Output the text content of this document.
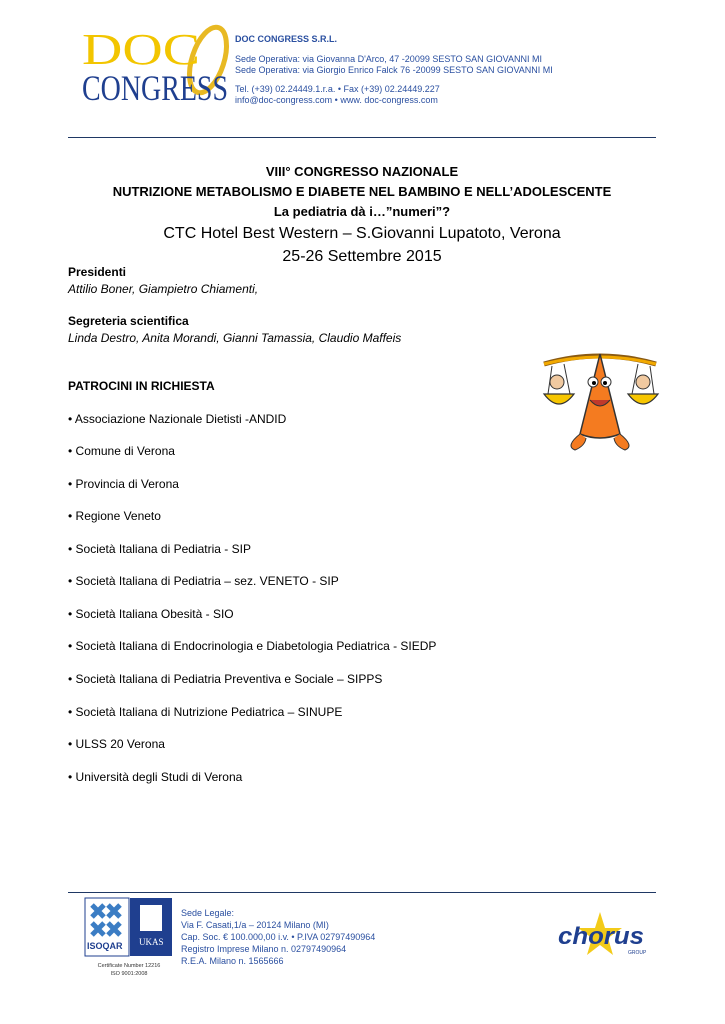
DOC
CONGRESS
DOC CONGRESS S.R.L.
Sede Operativa: via Giovanna D'Arco, 47 -20099 SESTO SAN GIOVANNI MI
Sede Operativa: via Giorgio Enrico Falck 76 -20099 SESTO SAN GIOVANNI MI
Tel. (+39) 02.24449.1.r.a. • Fax (+39) 02.24449.227
info@doc-congress.com • www. doc-congress.com
VIII° CONGRESSO NAZIONALE
NUTRIZIONE METABOLISMO E DIABETE NEL BAMBINO E NELL’ADOLESCENTE
La pediatria dà i…”numeri”?
CTC Hotel Best Western – S.Giovanni Lupatoto, Verona
25-26 Settembre 2015
Presidenti
Attilio Boner, Giampietro Chiamenti,
Segreteria scientifica
Linda Destro, Anita Morandi, Gianni Tamassia, Claudio Maffeis
PATROCINI IN RICHIESTA
• Associazione Nazionale Dietisti -ANDID
• Comune di Verona
• Provincia di Verona
• Regione Veneto
• Società Italiana di Pediatria - SIP
• Società Italiana di Pediatria – sez. VENETO - SIP
• Società Italiana Obesità - SIO
• Società Italiana di Endocrinologia e Diabetologia Pediatrica - SIEDP
• Società Italiana di Pediatria Preventiva e Sociale – SIPPS
• Società Italiana di Nutrizione Pediatrica – SINUPE
• ULSS 20 Verona
• Università degli Studi di Verona
ISOQAR UKAS
Certificate Number 12216
ISO 9001:2008
Sede Legale:
Via F. Casati,1/a – 20124 Milano (MI)
Cap. Soc. € 100.000,00 i.v. • P.IVA 02797490964
Registro Imprese Milano n. 02797490964
R.E.A. Milano n. 1565666
chorus
GROUP
